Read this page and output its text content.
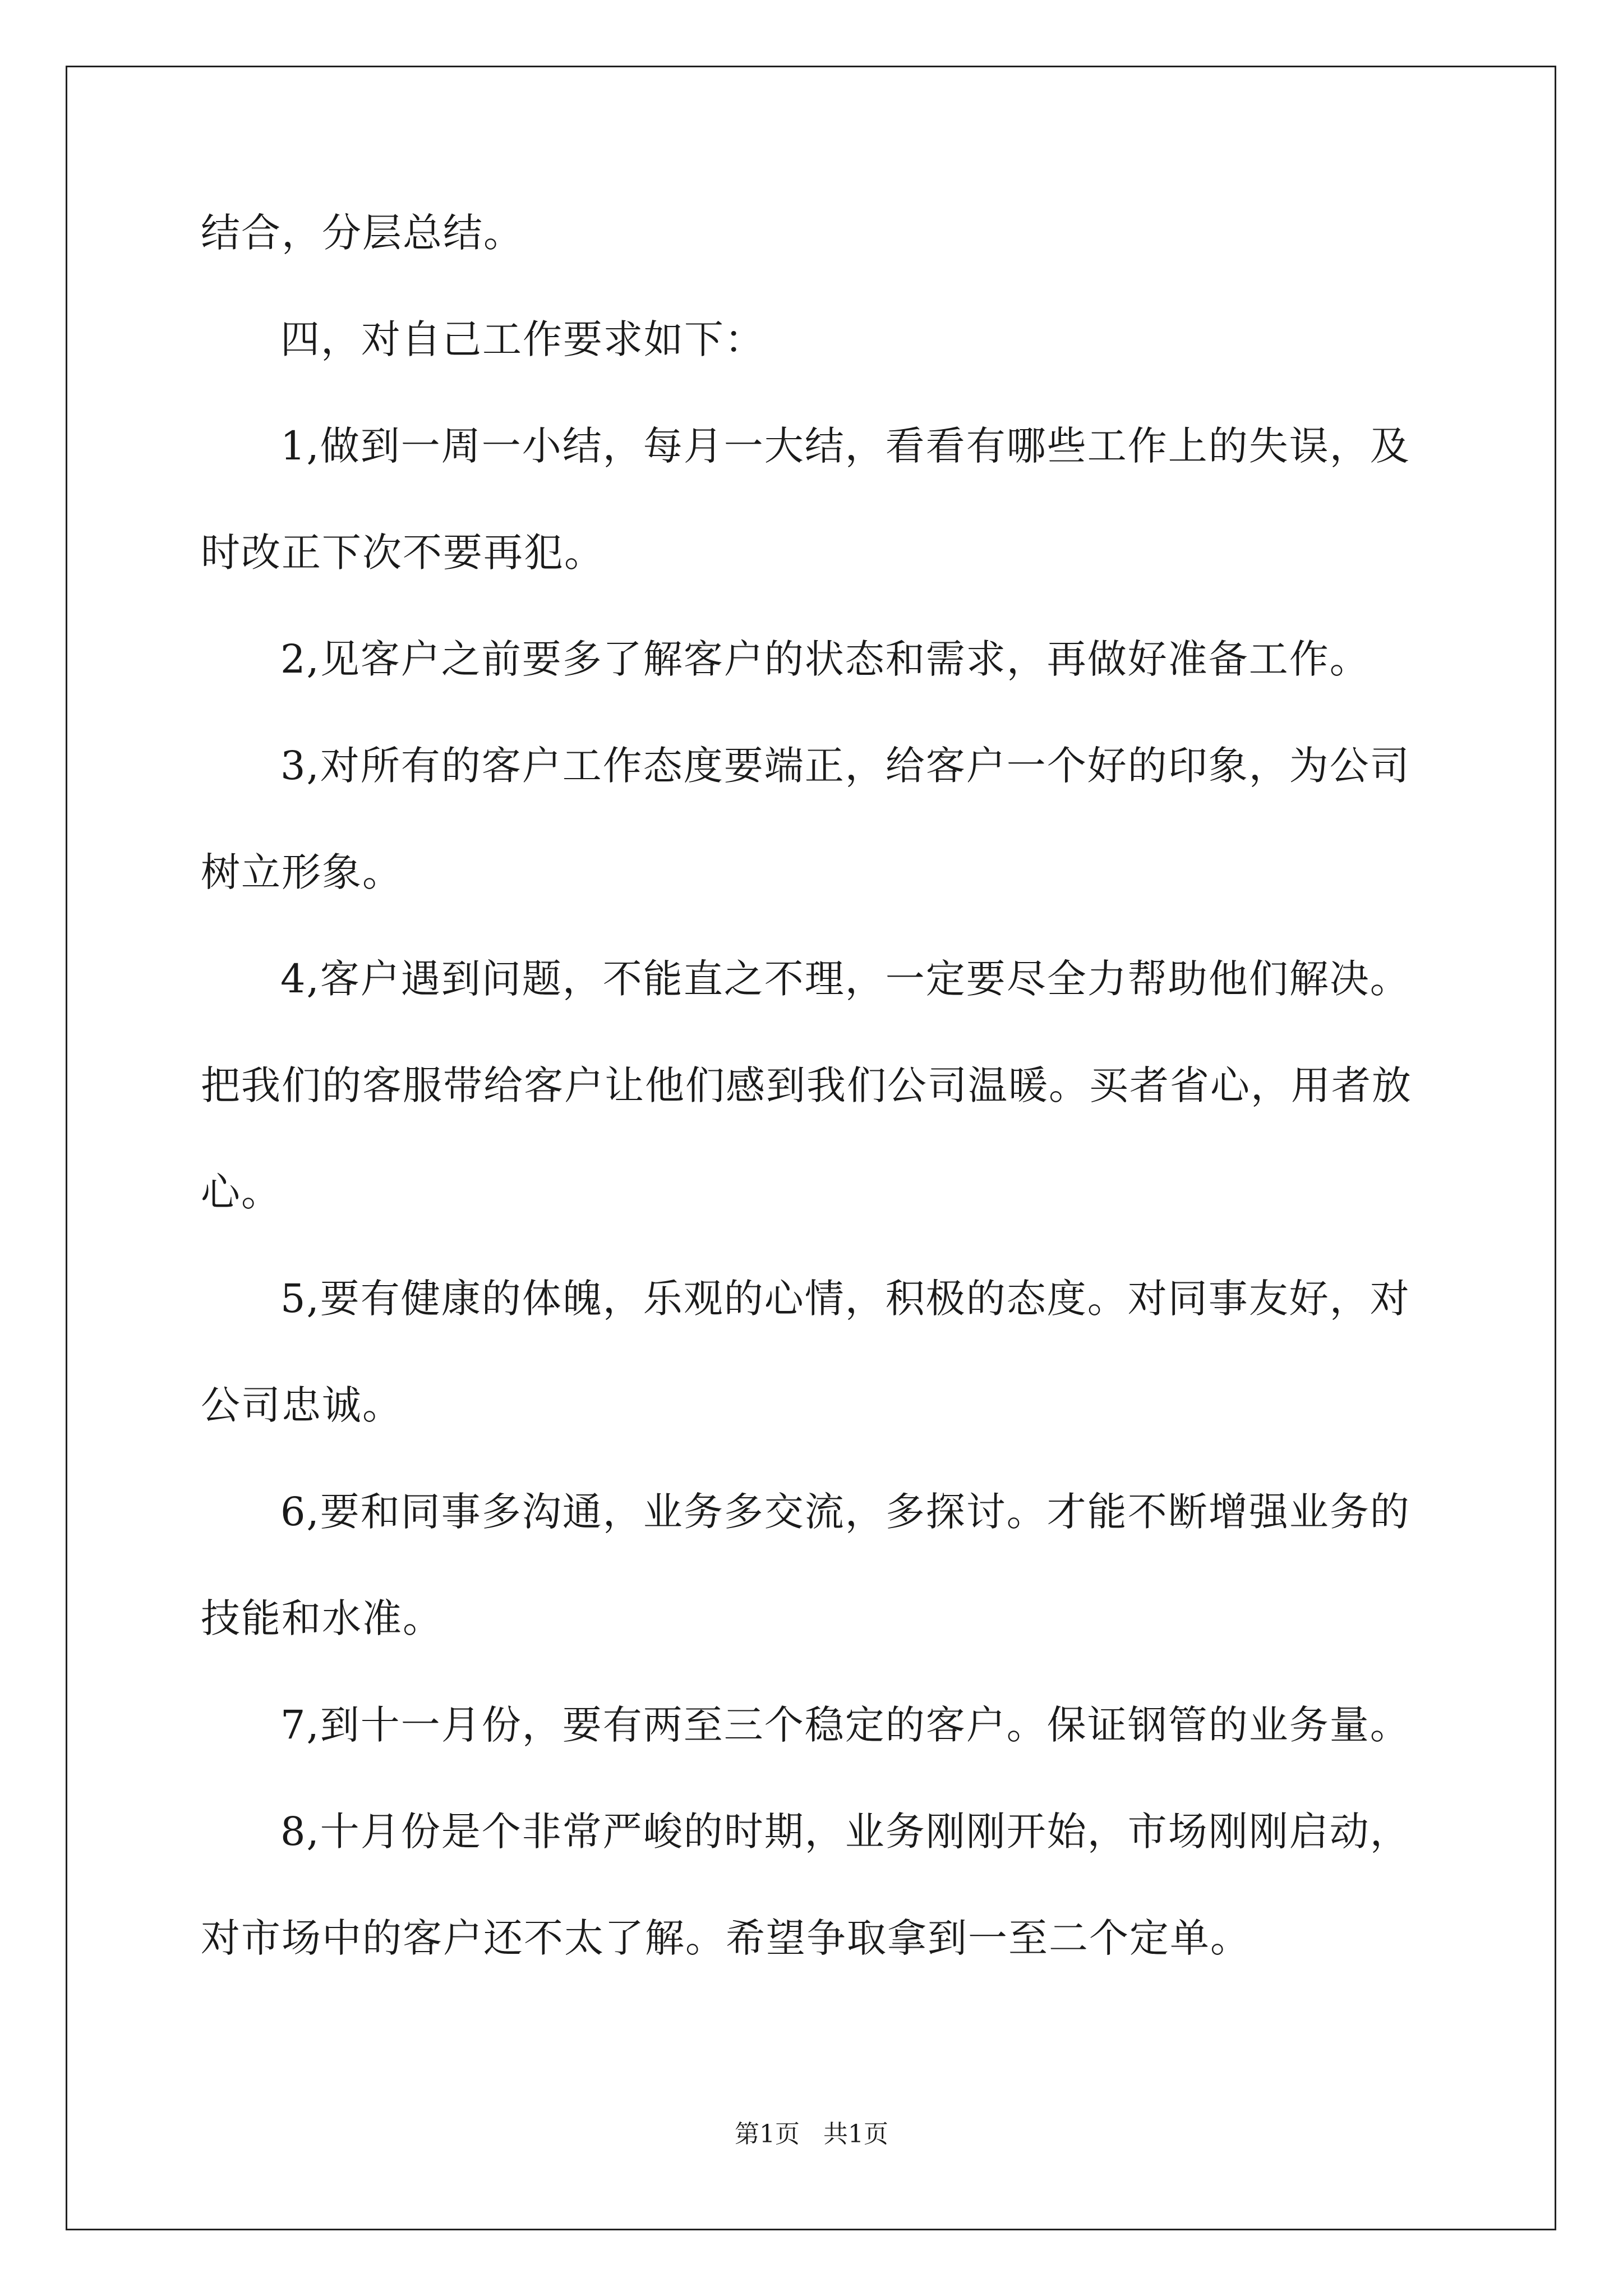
结合，分层总结。
四，对自己工作要求如下：
1,做到一周一小结，每月一大结，看看有哪些工作上的失误，及
时改正下次不要再犯。
2,见客户之前要多了解客户的状态和需求，再做好准备工作。
3,对所有的客户工作态度要端正，给客户一个好的印象，为公司
树立形象。
4,客户遇到问题，不能直之不理，一定要尽全力帮助他们解决。
把我们的客服带给客户让他们感到我们公司温暖。买者省心，用者放
心。
5,要有健康的体魄，乐观的心情，积极的态度。对同事友好，对
公司忠诚。
6,要和同事多沟通，业务多交流，多探讨。才能不断增强业务的
技能和水准。
7,到十一月份，要有两至三个稳定的客户。保证钢管的业务量。
8,十月份是个非常严峻的时期，业务刚刚开始，市场刚刚启动，
对市场中的客户还不太了解。希望争取拿到一至二个定单。
第1页   共1页
